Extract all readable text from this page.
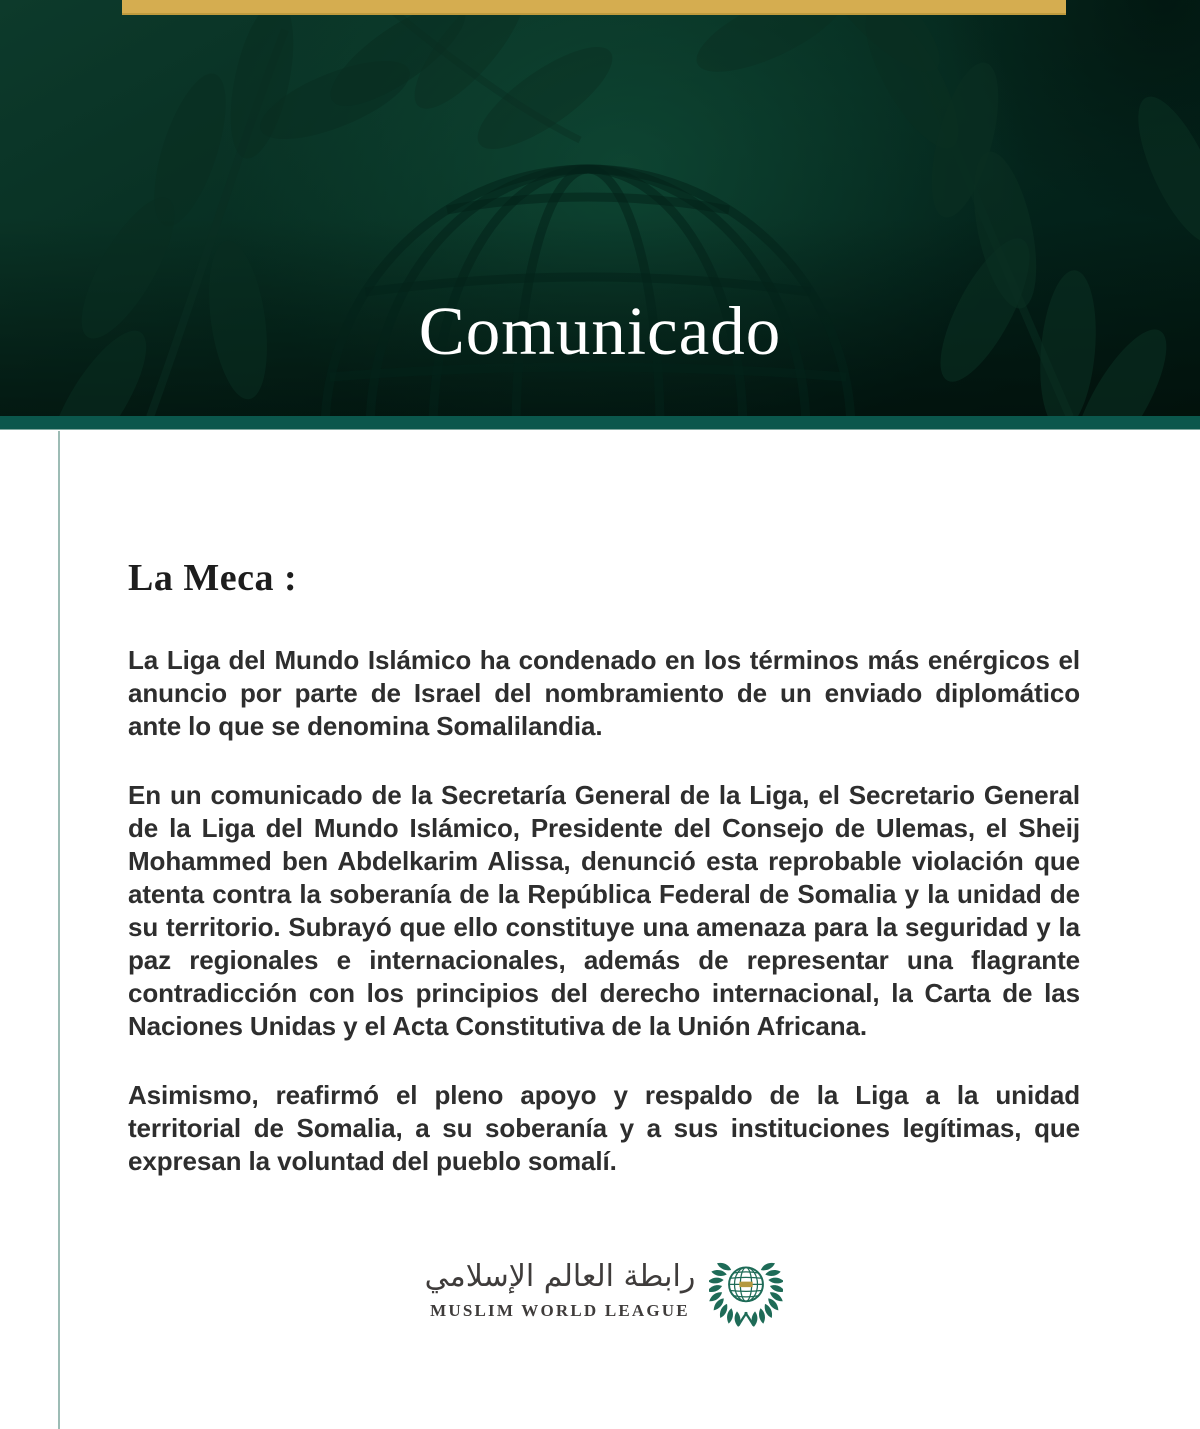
Comunicado
La Meca :

La Liga del Mundo Islámico ha condenado en los términos más enérgicos el anuncio por parte de Israel del nombramiento de un enviado diplomático ante lo que se denomina Somalilandia.

En un comunicado de la Secretaría General de la Liga, el Secretario General de la Liga del Mundo Islámico, Presidente del Consejo de Ulemas, el Sheij Mohammed ben Abdelkarim Alissa, denunció esta reprobable violación que atenta contra la soberanía de la República Federal de Somalia y la unidad de su territorio. Subrayó que ello constituye una amenaza para la seguridad y la paz regionales e internacionales, además de representar una flagrante contradicción con los principios del derecho internacional, la Carta de las Naciones Unidas y el Acta Constitutiva de la Unión Africana.

Asimismo, reafirmó el pleno apoyo y respaldo de la Liga a la unidad territorial de Somalia, a su soberanía y a sus instituciones legítimas, que expresan la voluntad del pueblo somalí.

رابطة العالم الإسلامي
MUSLIM WORLD LEAGUE
